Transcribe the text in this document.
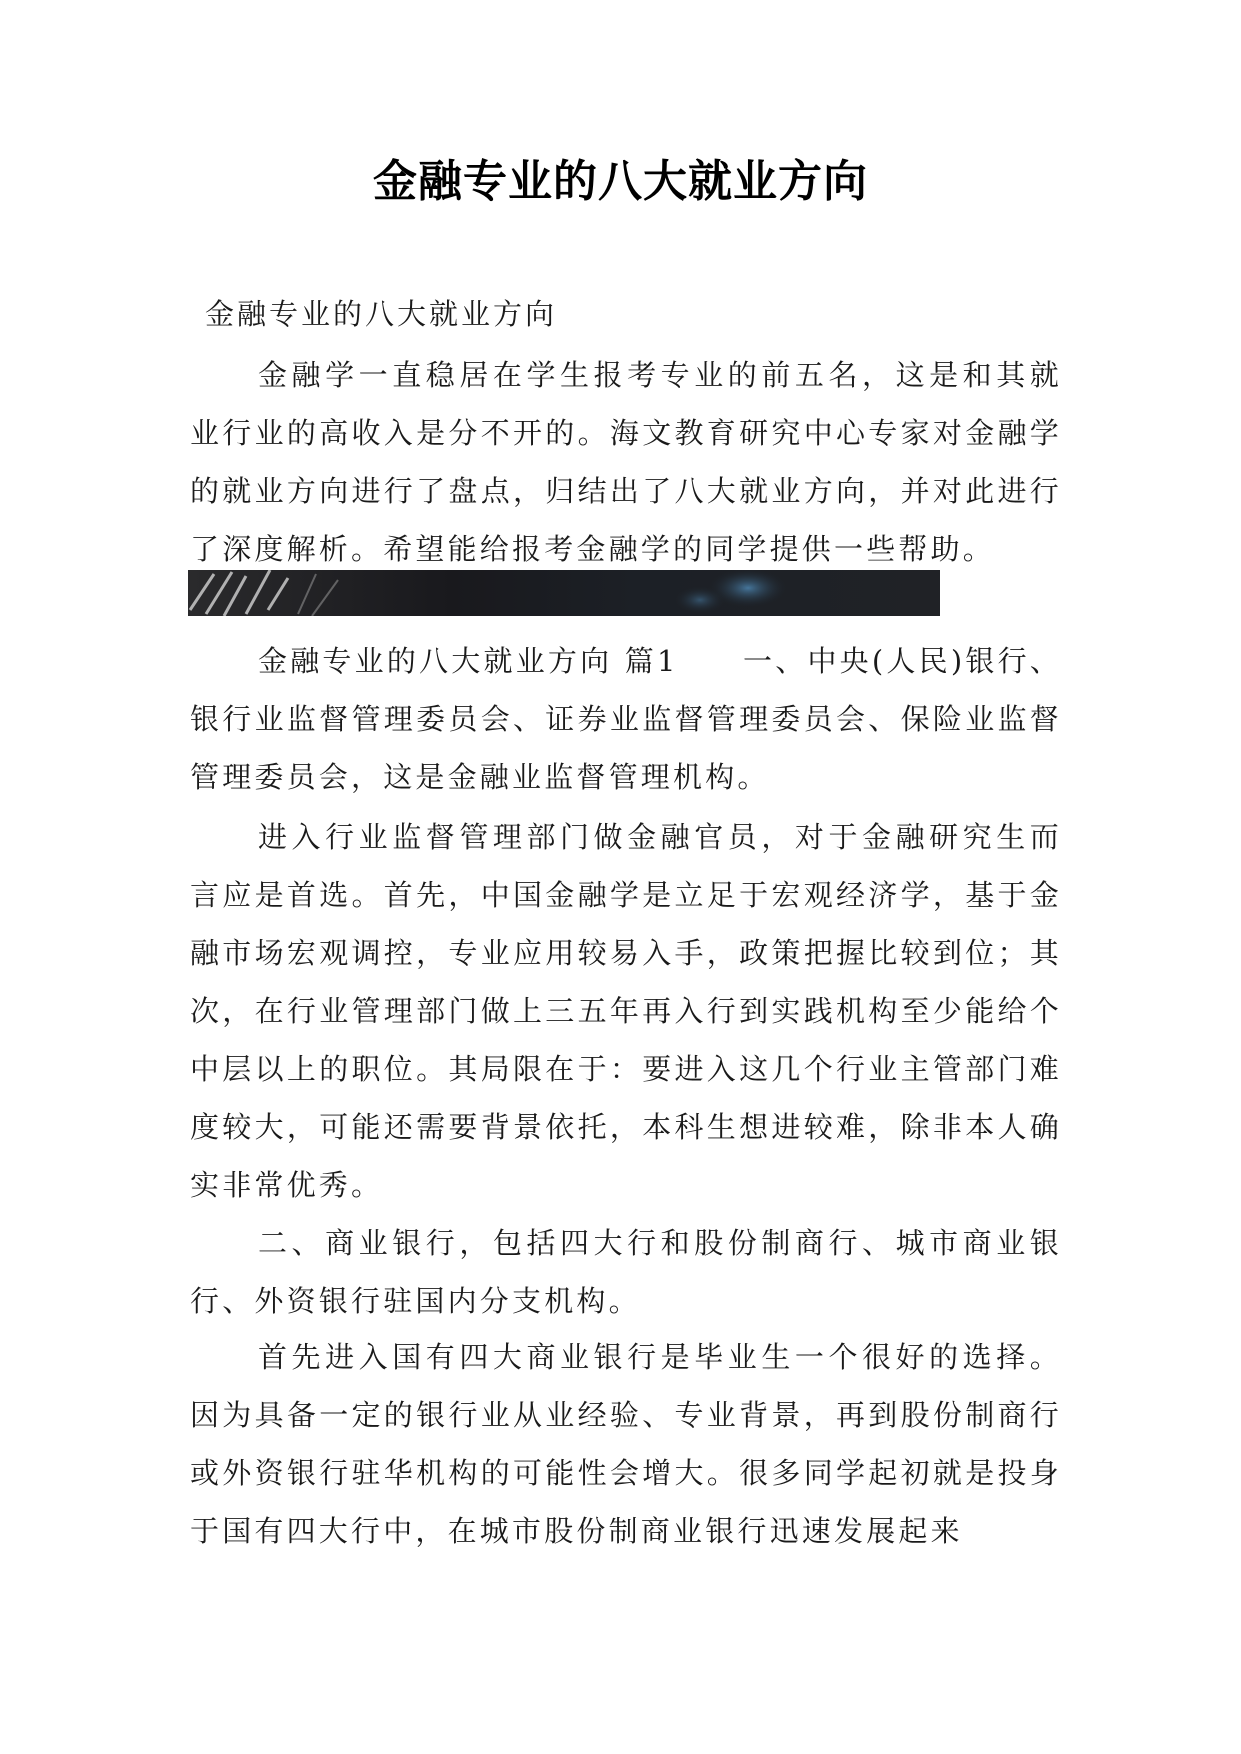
金融专业的八大就业方向

金融专业的八大就业方向

金融学一直稳居在学生报考专业的前五名，这是和其就业行业的高收入是分不开的。海文教育研究中心专家对金融学的就业方向进行了盘点，归结出了八大就业方向，并对此进行了深度解析。希望能给报考金融学的同学提供一些帮助。

金融专业的八大就业方向 篇1　　一、中央(人民)银行、银行业监督管理委员会、证券业监督管理委员会、保险业监督管理委员会，这是金融业监督管理机构。

进入行业监督管理部门做金融官员，对于金融研究生而言应是首选。首先，中国金融学是立足于宏观经济学，基于金融市场宏观调控，专业应用较易入手，政策把握比较到位；其次，在行业管理部门做上三五年再入行到实践机构至少能给个中层以上的职位。其局限在于：要进入这几个行业主管部门难度较大，可能还需要背景依托，本科生想进较难，除非本人确实非常优秀。

二、商业银行，包括四大行和股份制商行、城市商业银行、外资银行驻国内分支机构。

首先进入国有四大商业银行是毕业生一个很好的选择。因为具备一定的银行业从业经验、专业背景，再到股份制商行或外资银行驻华机构的可能性会增大。很多同学起初就是投身于国有四大行中，在城市股份制商业银行迅速发展起来
